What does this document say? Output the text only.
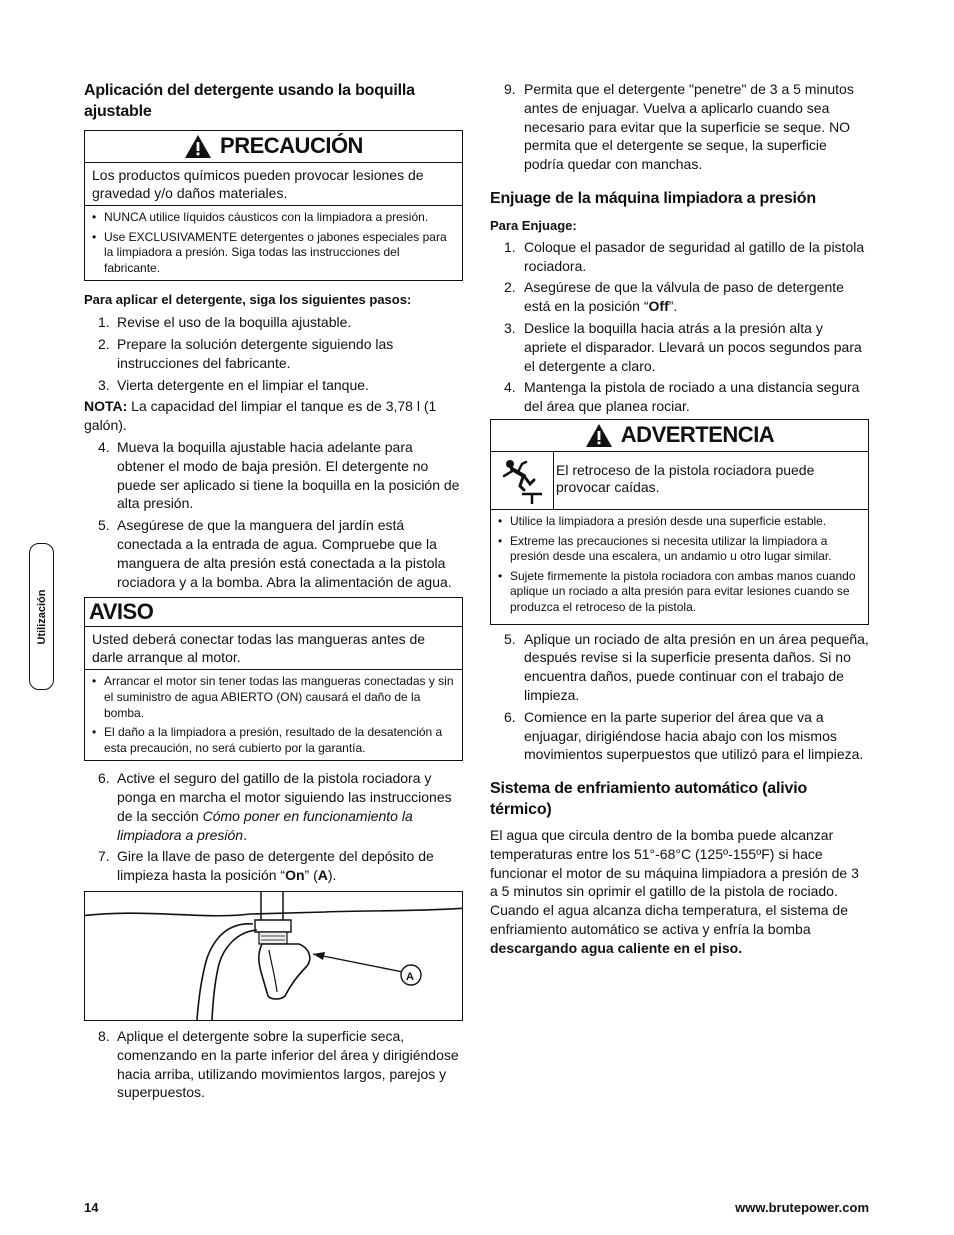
Utilización
Aplicación del detergente usando la boquilla ajustable
PRECAUCIÓN
Los productos químicos pueden provocar lesiones de gravedad y/o daños materiales.
• NUNCA utilice líquidos cáusticos con la limpiadora a presión.
• Use EXCLUSIVAMENTE detergentes o jabones especiales para la limpiadora a presión. Siga todas las instrucciones del fabricante.

Para aplicar el detergente, siga los siguientes pasos:

1. Revise el uso de la boquilla ajustable.
2. Prepare la solución detergente siguiendo las instrucciones del fabricante.
3. Vierta detergente en el limpiar el tanque.

NOTA: La capacidad del limpiar el tanque es de 3,78 l (1 galón).

4. Mueva la boquilla ajustable hacia adelante para obtener el modo de baja presión. El detergente no puede ser aplicado si tiene la boquilla en la posición de alta presión.
5. Asegúrese de que la manguera del jardín está conectada a la entrada de agua. Compruebe que la manguera de alta presión está conectada a la pistola rociadora y a la bomba. Abra la alimentación de agua.
AVISO
Usted deberá conectar todas las mangueras antes de darle arranque al motor.
• Arrancar el motor sin tener todas las mangueras conectadas y sin el suministro de agua ABIERTO (ON) causará el daño de la bomba.
• El daño a la limpiadora a presión, resultado de la desatención a esta precaución, no será cubierto por la garantía.
6. Active el seguro del gatillo de la pistola rociadora y ponga en marcha el motor siguiendo las instrucciones de la sección Cómo poner en funcionamiento la limpiadora a presión.
7. Gire la llave de paso de detergente del depósito de limpieza hasta la posición “On” (A).
A
8. Aplique el detergente sobre la superficie seca, comenzando en la parte inferior del área y dirigiéndose hacia arriba, utilizando movimientos largos, parejos y superpuestos.
9. Permita que el detergente "penetre" de 3 a 5 minutos antes de enjuagar. Vuelva a aplicarlo cuando sea necesario para evitar que la superficie se seque. NO permita que el detergente se seque, la superficie podría quedar con manchas.
Enjuage de la máquina limpiadora a presión

Para Enjuage:

1. Coloque el pasador de seguridad al gatillo de la pistola rociadora.
2. Asegúrese de que la válvula de paso de detergente está en la posición “Off”.
3. Deslice la boquilla hacia atrás a la presión alta y apriete el disparador. Llevará un pocos segundos para el detergente a claro.
4. Mantenga la pistola de rociado a una distancia segura del área que planea rociar.
ADVERTENCIA
El retroceso de la pistola rociadora puede provocar caídas.
• Utilice la limpiadora a presión desde una superficie estable.
• Extreme las precauciones si necesita utilizar la limpiadora a presión desde una escalera, un andamio u otro lugar similar.
• Sujete firmemente la pistola rociadora con ambas manos cuando aplique un rociado a alta presión para evitar lesiones cuando se produzca el retroceso de la pistola.
5. Aplique un rociado de alta presión en un área pequeña, después revise si la superficie presenta daños. Si no encuentra daños, puede continuar con el trabajo de limpieza.
6. Comience en la parte superior del área que va a enjuagar, dirigiéndose hacia abajo con los mismos movimientos superpuestos que utilizó para el limpieza.
Sistema de enfriamiento automático (alivio térmico)

El agua que circula dentro de la bomba puede alcanzar temperaturas entre los 51°-68°C (125º-155ºF) si hace funcionar el motor de su máquina limpiadora a presión de 3 a 5 minutos sin oprimir el gatillo de la pistola de rociado. Cuando el agua alcanza dicha temperatura, el sistema de enfriamiento automático se activa y enfría la bomba descargando agua caliente en el piso.

14	www.brutepower.com
